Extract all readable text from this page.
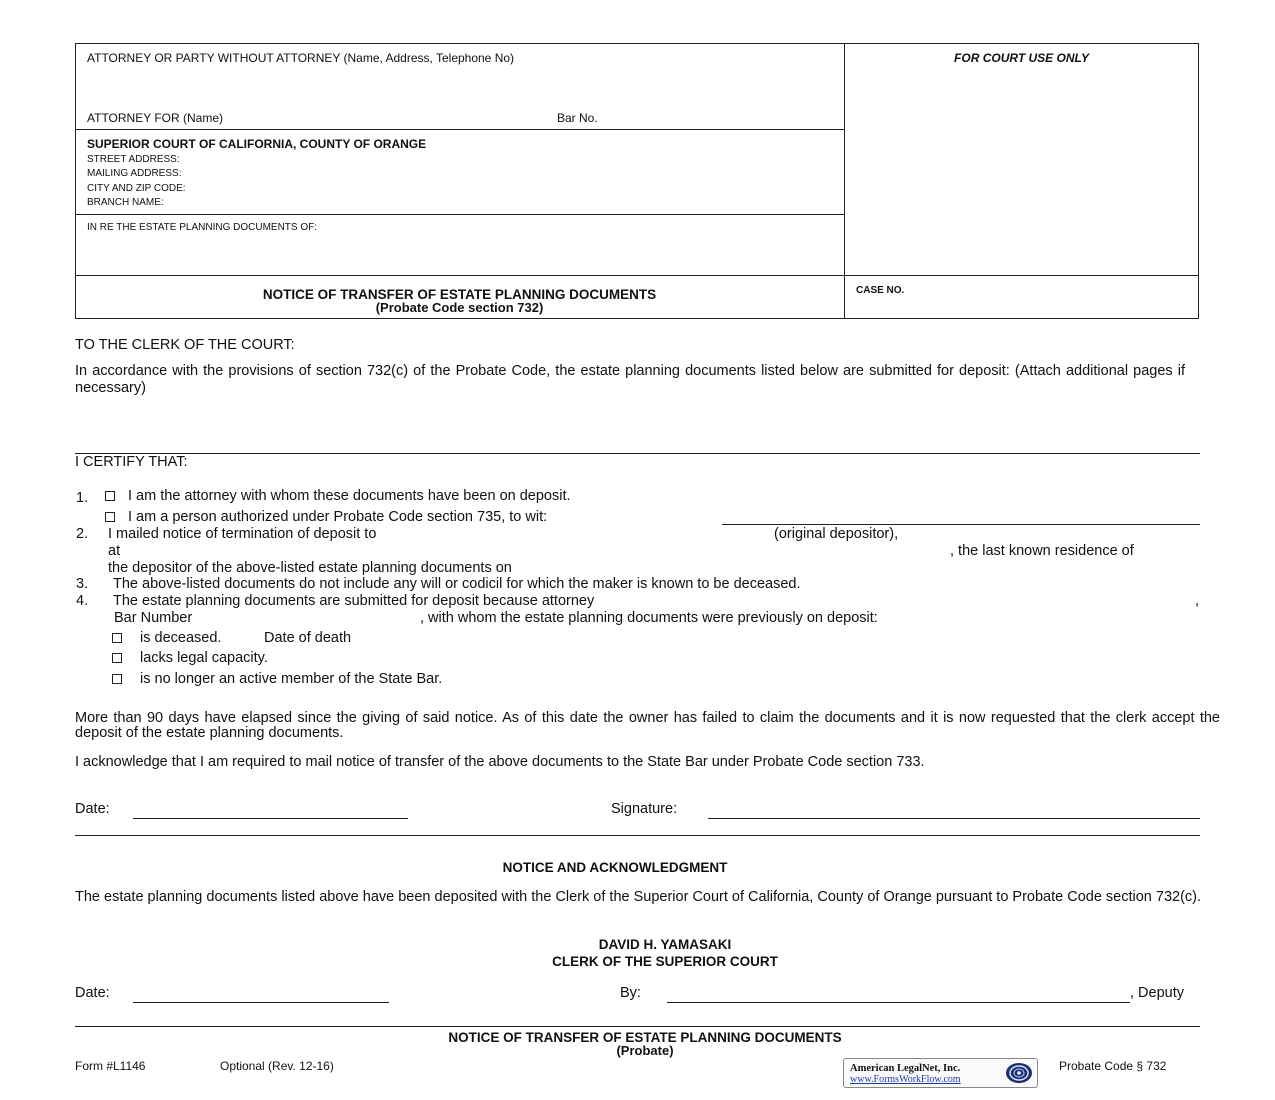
ATTORNEY OR PARTY WITHOUT ATTORNEY (Name, Address, Telephone No)
ATTORNEY FOR (Name)	Bar No.
FOR COURT USE ONLY
SUPERIOR COURT OF CALIFORNIA, COUNTY OF ORANGE
STREET ADDRESS:
MAILING ADDRESS:
CITY AND ZIP CODE:
BRANCH NAME:
IN RE THE ESTATE PLANNING DOCUMENTS OF:
NOTICE OF TRANSFER OF ESTATE PLANNING DOCUMENTS
(Probate Code section 732)
CASE NO.
TO THE CLERK OF THE COURT:
In accordance with the provisions of section 732(c) of the Probate Code, the estate planning documents listed below are submitted for deposit: (Attach additional pages if necessary)
I CERTIFY THAT:
1.	I am the attorney with whom these documents have been on deposit.
I am a person authorized under Probate Code section 735, to wit:
2. I mailed notice of termination of deposit to	(original depositor),
at	, the last known residence of
the depositor of the above-listed estate planning documents on
3. The above-listed documents do not include any will or codicil for which the maker is known to be deceased.
4. The estate planning documents are submitted for deposit because attorney	,
Bar Number	, with whom the estate planning documents were previously on deposit:
is deceased.	Date of death
lacks legal capacity.
is no longer an active member of the State Bar.
More than 90 days have elapsed since the giving of said notice. As of this date the owner has failed to claim the documents and it is now requested that the clerk accept the deposit of the estate planning documents.
I acknowledge that I am required to mail notice of transfer of the above documents to the State Bar under Probate Code section 733.
Date:	Signature:
NOTICE AND ACKNOWLEDGMENT
The estate planning documents listed above have been deposited with the Clerk of the Superior Court of California, County of Orange pursuant to Probate Code section 732(c).
DAVID H. YAMASAKI
CLERK OF THE SUPERIOR COURT
Date:	By:	, Deputy
NOTICE OF TRANSFER OF ESTATE PLANNING DOCUMENTS
(Probate)
Form #L1146	Optional (Rev. 12-16)	American LegalNet, Inc.
www.FormsWorkFlow.com
Probate Code § 732
